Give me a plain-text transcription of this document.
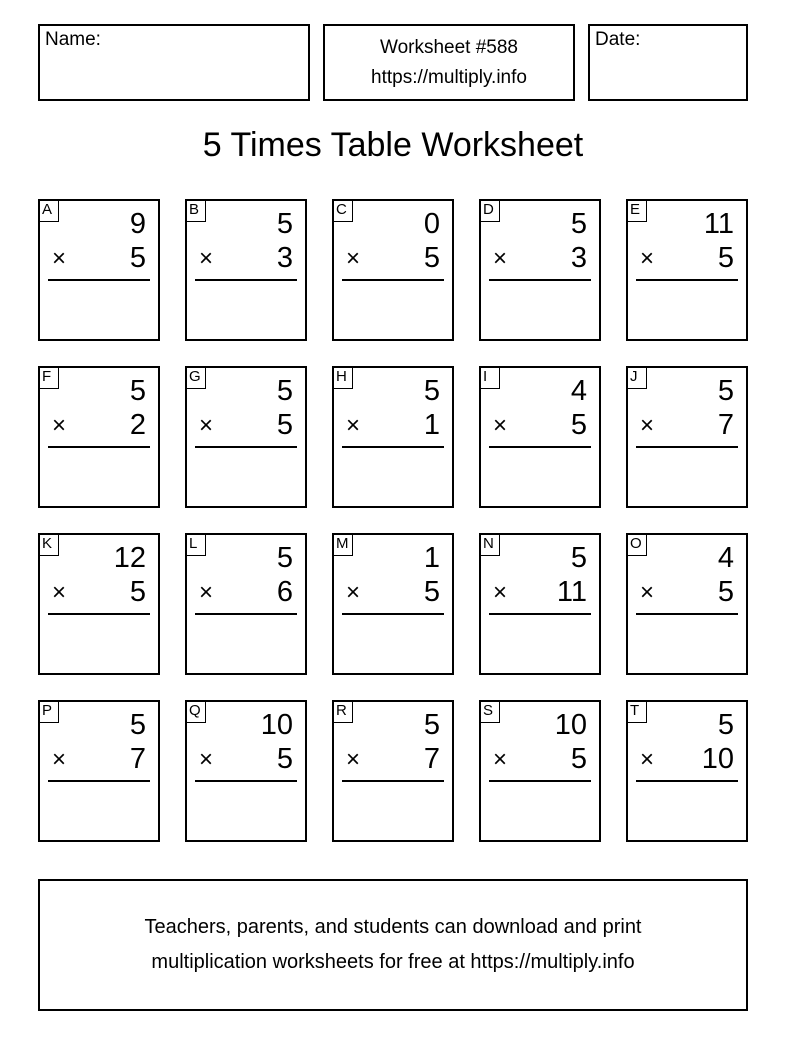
Name:	Worksheet #588
https://multiply.info
Date:
5 Times Table Worksheet
A	9
× 5
B	5
× 3
C	0
× 5
D	5
× 3
E 11
× 5
F	5
× 2
G	5
× 5
H	5
× 1
I	4
× 5
J	5
× 7
K 12
× 5
L	5
× 6
M	1
× 5
N	5
× 11
O	4
× 5
P	5
× 7
Q 10
× 5
R	5
× 7
S 10
× 5
T	5
× 10
Teachers, parents, and students can download and print
multiplication worksheets for free at https://multiply.info
